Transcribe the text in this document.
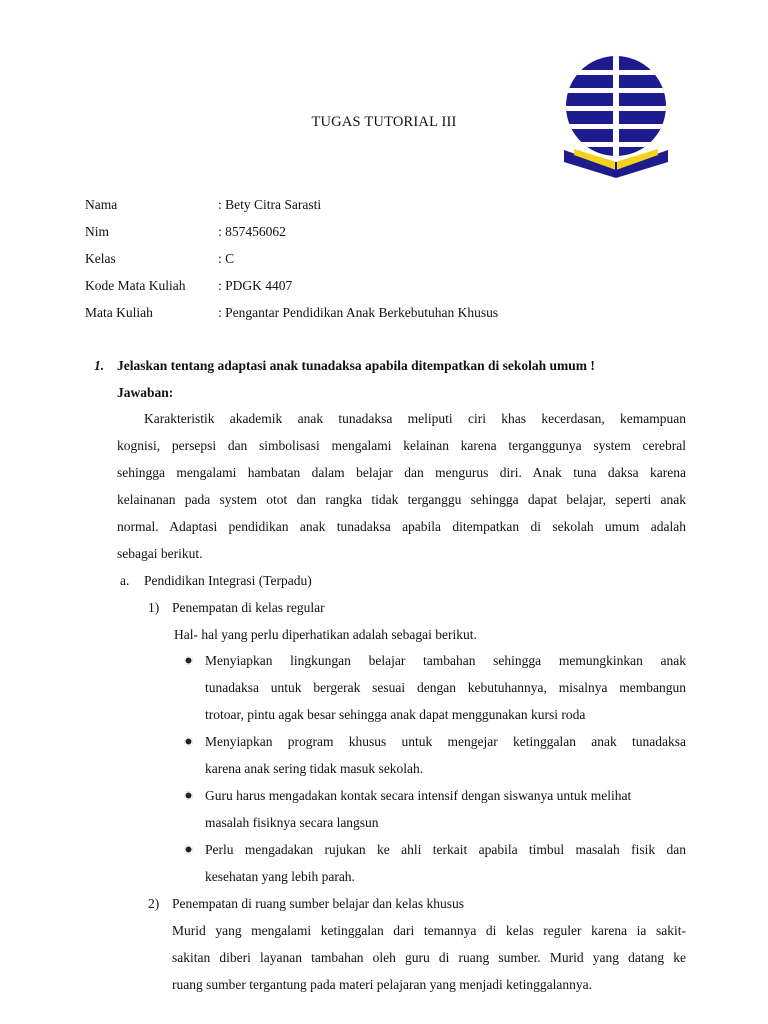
TUGAS TUTORIAL III
Nama	: Bety Citra Sarasti
Nim	: 857456062
Kelas	: C
Kode Mata Kuliah	: PDGK 4407
Mata Kuliah	: Pengantar Pendidikan Anak Berkebutuhan Khusus
1. Jelaskan tentang adaptasi anak tunadaksa apabila ditempatkan di sekolah umum !
Jawaban:
Karakteristik akademik anak tunadaksa meliputi ciri khas kecerdasan, kemampuan
kognisi, persepsi dan simbolisasi mengalami kelainan karena terganggunya system cerebral
sehingga mengalami hambatan dalam belajar dan mengurus diri. Anak tuna daksa karena
kelainanan pada system otot dan rangka tidak terganggu sehingga dapat belajar, seperti anak
normal. Adaptasi pendidikan anak tunadaksa apabila ditempatkan di sekolah umum adalah
sebagai berikut.
a. Pendidikan Integrasi (Terpadu)
1) Penempatan di kelas regular
Hal- hal yang perlu diperhatikan adalah sebagai berikut.
Menyiapkan lingkungan belajar tambahan sehingga memungkinkan anak
tunadaksa untuk bergerak sesuai dengan kebutuhannya, misalnya membangun
trotoar, pintu agak besar sehingga anak dapat menggunakan kursi roda
Menyiapkan program khusus untuk mengejar ketinggalan anak tunadaksa
karena anak sering tidak masuk sekolah.
Guru harus mengadakan kontak secara intensif dengan siswanya untuk melihat
masalah fisiknya secara langsun
Perlu mengadakan rujukan ke ahli terkait apabila timbul masalah fisik dan
kesehatan yang lebih parah.
2) Penempatan di ruang sumber belajar dan kelas khusus
Murid yang mengalami ketinggalan dari temannya di kelas reguler karena ia sakit-
sakitan diberi layanan tambahan oleh guru di ruang sumber. Murid yang datang ke
ruang sumber tergantung pada materi pelajaran yang menjadi ketinggalannya.
